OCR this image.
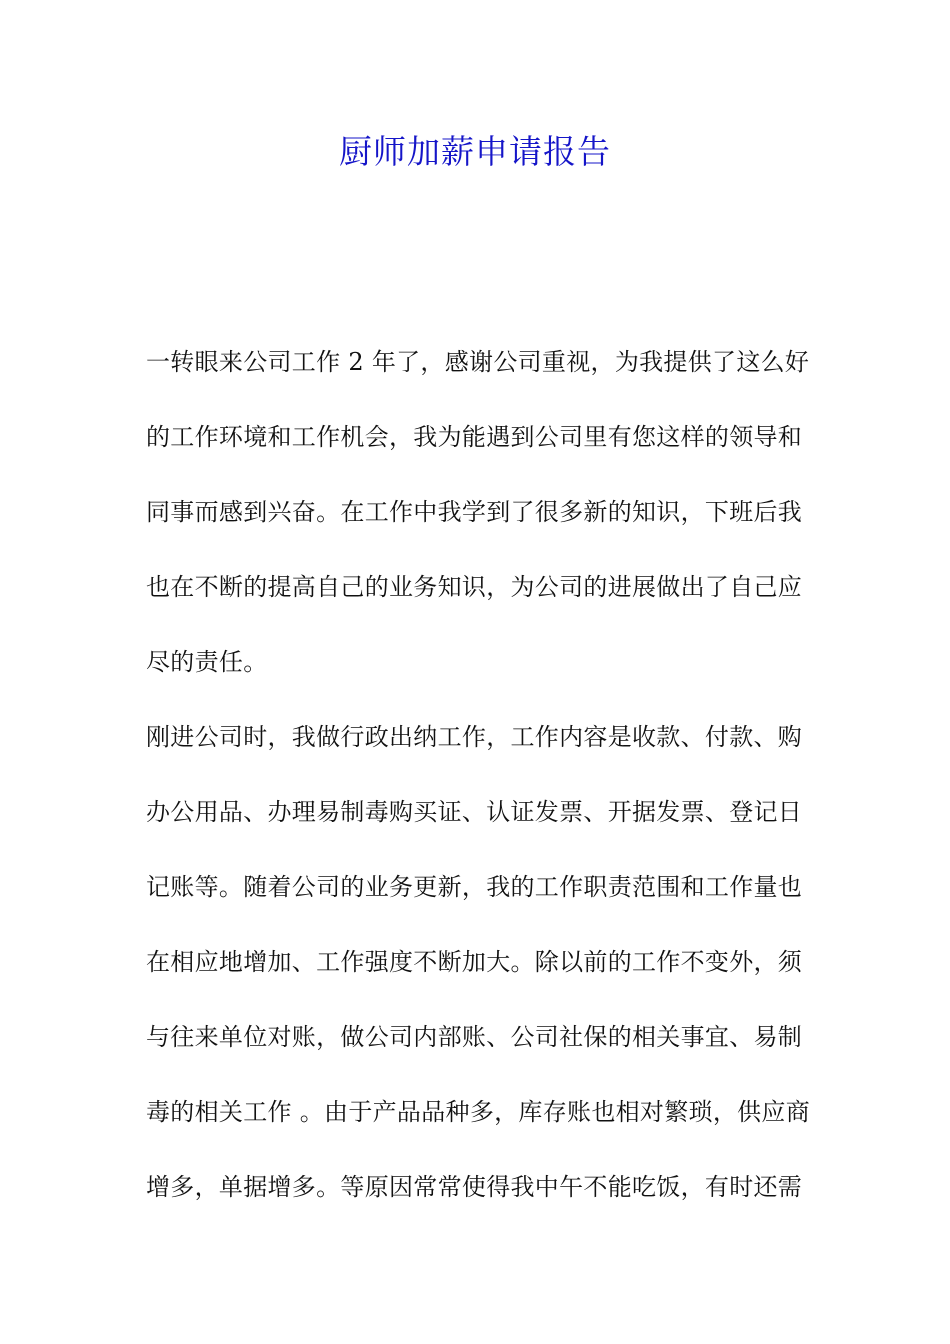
厨师加薪申请报告
一转眼来公司工作 2 年了，感谢公司重视，为我提供了这么好
的工作环境和工作机会，我为能遇到公司里有您这样的领导和
同事而感到兴奋。在工作中我学到了很多新的知识，下班后我
也在不断的提高自己的业务知识，为公司的进展做出了自己应
尽的责任。
刚进公司时，我做行政出纳工作，工作内容是收款、付款、购
办公用品、办理易制毒购买证、认证发票、开据发票、登记日
记账等。随着公司的业务更新，我的工作职责范围和工作量也
在相应地增加、工作强度不断加大。除以前的工作不变外，须
与往来单位对账，做公司内部账、公司社保的相关事宜、易制
毒的相关工作 。由于产品品种多，库存账也相对繁琐，供应商
增多，单据增多。等原因常常使得我中午不能吃饭，有时还需
